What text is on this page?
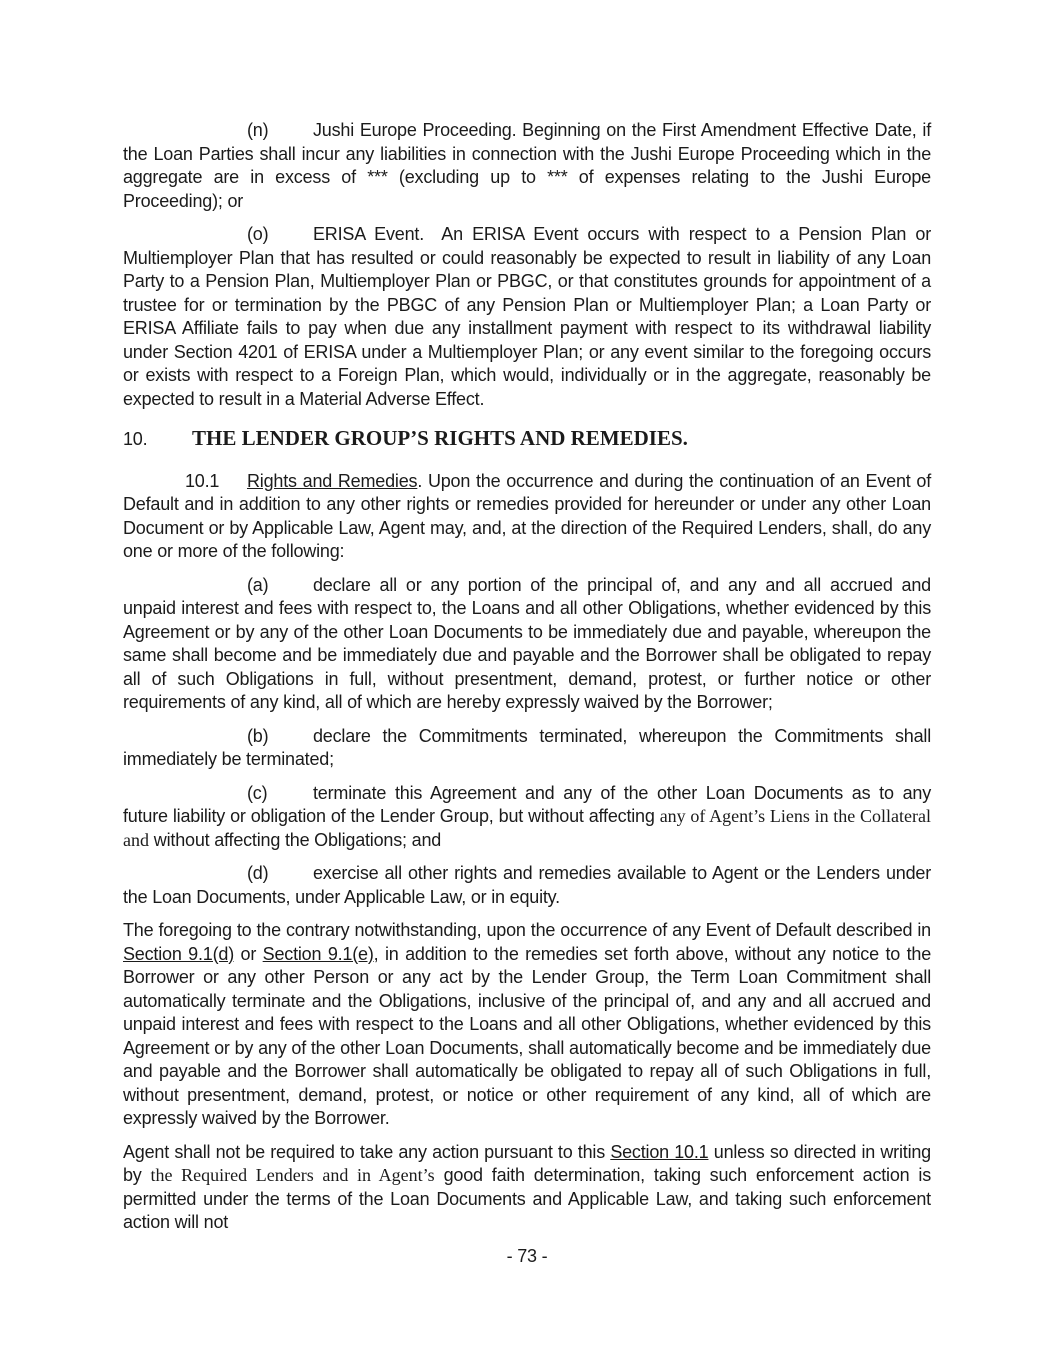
(n) Jushi Europe Proceeding. Beginning on the First Amendment Effective Date, if the Loan Parties shall incur any liabilities in connection with the Jushi Europe Proceeding which in the aggregate are in excess of *** (excluding up to *** of expenses relating to the Jushi Europe Proceeding); or

(o) ERISA Event.  An ERISA Event occurs with respect to a Pension Plan or Multiemployer Plan that has resulted or could reasonably be expected to result in liability of any Loan Party to a Pension Plan, Multiemployer Plan or PBGC, or that constitutes grounds for appointment of a trustee for or termination by the PBGC of any Pension Plan or Multiemployer Plan; a Loan Party or ERISA Affiliate fails to pay when due any installment payment with respect to its withdrawal liability under Section 4201 of ERISA under a Multiemployer Plan; or any event similar to the foregoing occurs or exists with respect to a Foreign Plan, which would, individually or in the aggregate, reasonably be expected to result in a Material Adverse Effect.

10. THE LENDER GROUP’S RIGHTS AND REMEDIES.

10.1 Rights and Remedies. Upon the occurrence and during the continuation of an Event of Default and in addition to any other rights or remedies provided for hereunder or under any other Loan Document or by Applicable Law, Agent may, and, at the direction of the Required Lenders, shall, do any one or more of the following:

(a) declare all or any portion of the principal of, and any and all accrued and unpaid interest and fees with respect to, the Loans and all other Obligations, whether evidenced by this Agreement or by any of the other Loan Documents to be immediately due and payable, whereupon the same shall become and be immediately due and payable and the Borrower shall be obligated to repay all of such Obligations in full, without presentment, demand, protest, or further notice or other requirements of any kind, all of which are hereby expressly waived by the Borrower;

(b) declare the Commitments terminated, whereupon the Commitments shall immediately be terminated;

(c)	terminate this Agreement and any of the other Loan Documents as to any future liability or obligation of the Lender Group, but without affecting any of Agent’s Liens in the Collateral and without affecting the Obligations; and

(d) exercise all other rights and remedies available to Agent or the Lenders under the Loan Documents, under Applicable Law, or in equity.

The foregoing to the contrary notwithstanding, upon the occurrence of any Event of Default described in Section 9.1(d) or Section 9.1(e), in addition to the remedies set forth above, without any notice to the Borrower or any other Person or any act by the Lender Group, the Term Loan Commitment shall automatically terminate and the Obligations, inclusive of the principal of, and any and all accrued and unpaid interest and fees with respect to the Loans and all other Obligations, whether evidenced by this Agreement or by any of the other Loan Documents, shall automatically become and be immediately due and payable and the Borrower shall automatically be obligated to repay all of such Obligations in full, without presentment, demand, protest, or notice or other requirement of any kind, all of which are expressly waived by the Borrower.

Agent shall not be required to take any action pursuant to this Section 10.1 unless so directed in writing by the Required Lenders and in Agent’s good faith determination, taking such enforcement action is permitted under the terms of the Loan Documents and Applicable Law, and taking such enforcement action will not

- 73 -
